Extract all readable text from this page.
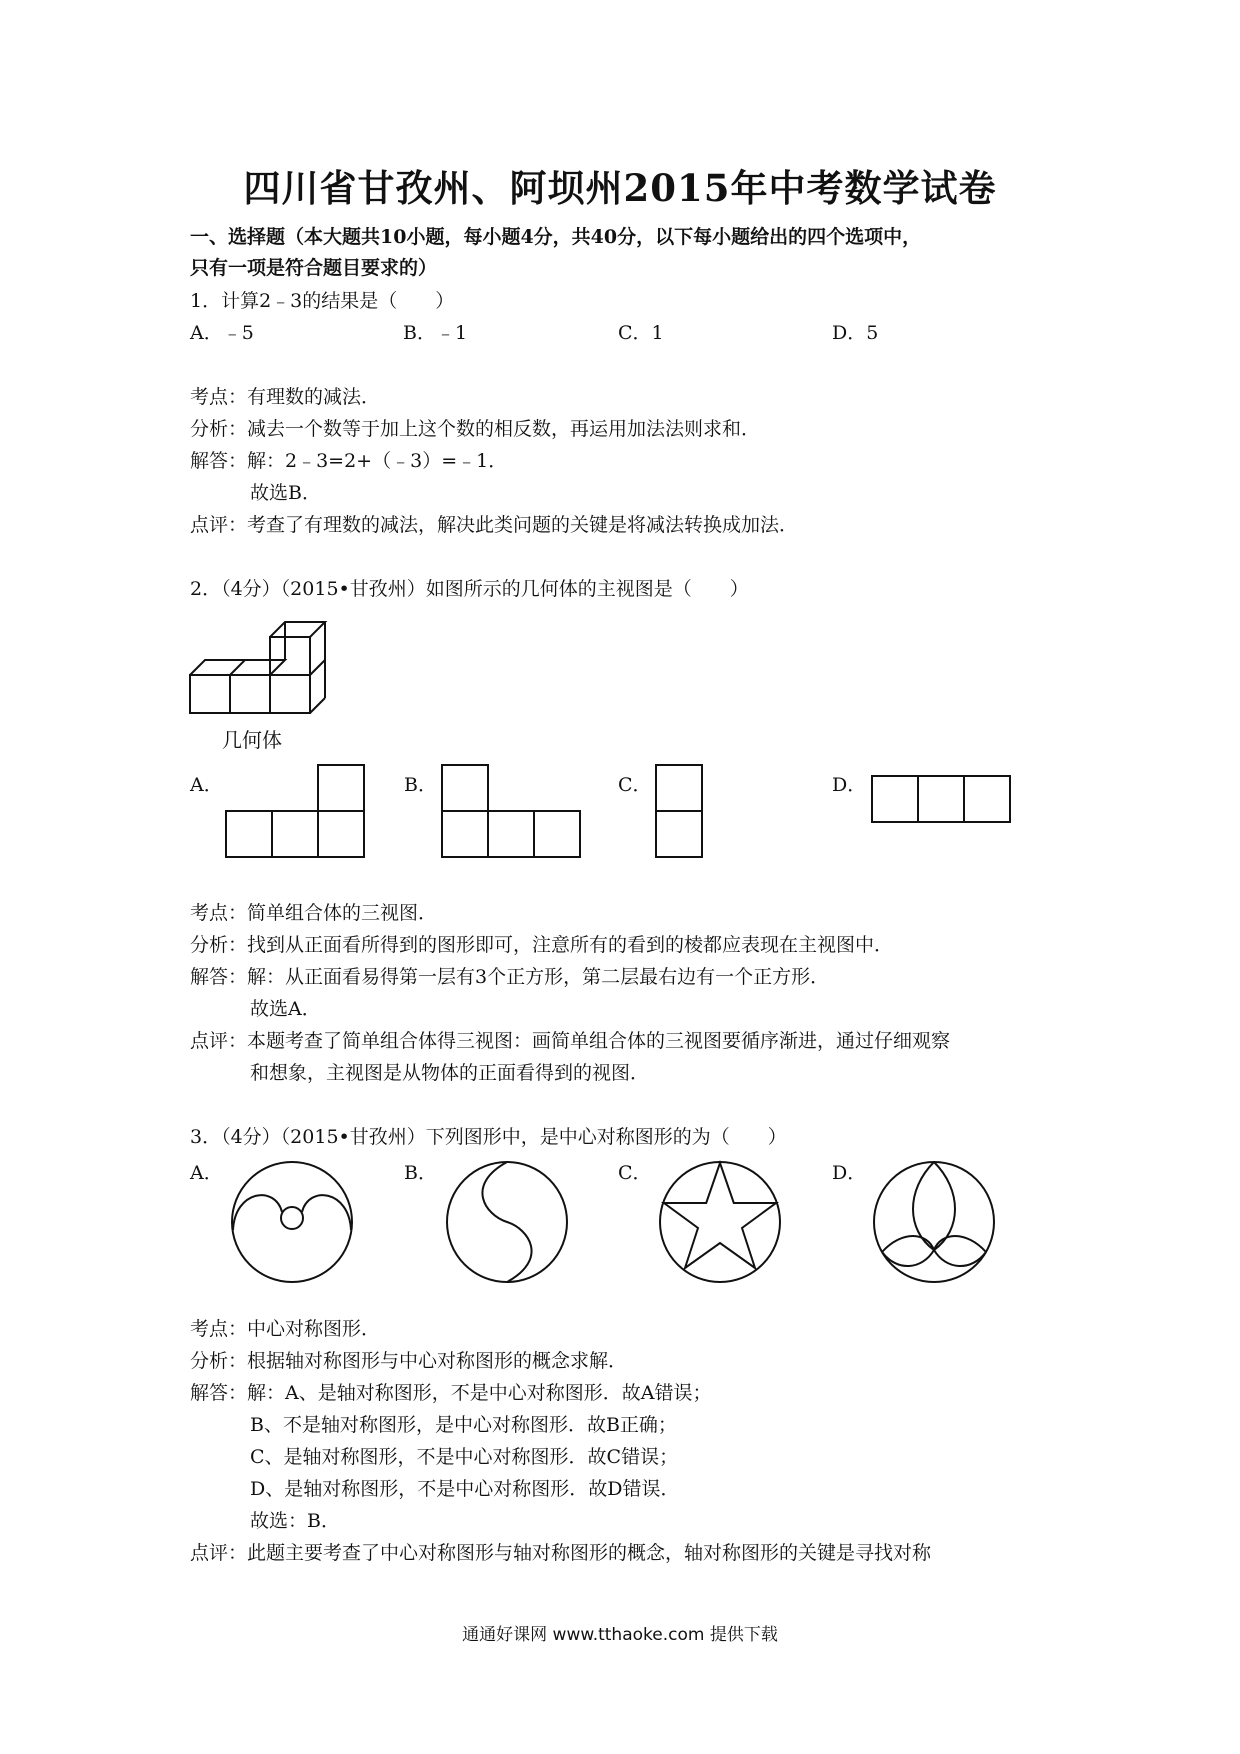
四川省甘孜州、阿坝州2015年中考数学试卷
一、选择题（本大题共10小题，每小题4分，共40分，以下每小题给出的四个选项中，
只有一项是符合题目要求的）
1．计算2﹣3的结果是（　　）
A．﹣5	B．﹣1	C．1	D．5
考点：有理数的减法．
分析：减去一个数等于加上这个数的相反数，再运用加法法则求和．
解答：解：2﹣3=2+（﹣3）=﹣1．
故选B．
点评：考查了有理数的减法，解决此类问题的关键是将减法转换成加法．
2．（4分）（2015•甘孜州）如图所示的几何体的主视图是（　　）
几何体
A．	B．	C．	D．
考点：简单组合体的三视图．
分析：找到从正面看所得到的图形即可，注意所有的看到的棱都应表现在主视图中．
解答：解：从正面看易得第一层有3个正方形，第二层最右边有一个正方形．
故选A．
点评：本题考查了简单组合体得三视图：画简单组合体的三视图要循序渐进，通过仔细观察
和想象，主视图是从物体的正面看得到的视图．
3．（4分）（2015•甘孜州）下列图形中，是中心对称图形的为（　　）
A．	B．	C．	D．
考点：中心对称图形．
分析：根据轴对称图形与中心对称图形的概念求解．
解答：解：A、是轴对称图形，不是中心对称图形．故A错误；
B、不是轴对称图形，是中心对称图形．故B正确；
C、是轴对称图形，不是中心对称图形．故C错误；
D、是轴对称图形，不是中心对称图形．故D错误．
故选：B．
点评：此题主要考查了中心对称图形与轴对称图形的概念，轴对称图形的关键是寻找对称
通通好课网 www.tthaoke.com 提供下载
